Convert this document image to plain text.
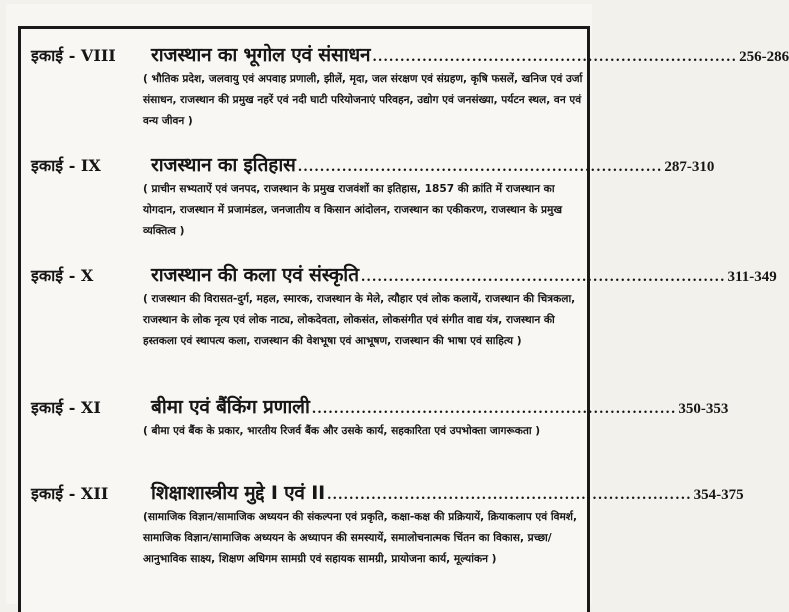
इकाई - VIII	राजस्थान का भूगोल एवं संसाधन .................................................................. 256-286
( भौतिक प्रदेश, जलवायु एवं अपवाह प्रणाली, झीलें, मृदा, जल संरक्षण एवं संग्रहण, कृषि फसलें, खनिज एवं उर्जा संसाधन, राजस्थान की प्रमुख नहरें एवं नदी घाटी परियोजनाएं परिवहन, उद्योग एवं जनसंख्या, पर्यटन स्थल, वन एवं वन्य जीवन )
इकाई - IX	राजस्थान का इतिहास .................................................................. 287-310
( प्राचीन सभ्यताऐं एवं जनपद, राजस्थान के प्रमुख राजवंशों का इतिहास, 1857 की क्रांति में राजस्थान का योगदान, राजस्थान में प्रजामंडल, जनजातीय व किसान आंदोलन, राजस्थान का एकीकरण, राजस्थान के प्रमुख व्यक्तित्व )
इकाई - X	राजस्थान की कला एवं संस्कृति .................................................................. 311-349
( राजस्थान की विरासत-दुर्ग, महल, स्मारक, राजस्थान के मेले, त्यौहार एवं लोक कलायें, राजस्थान की चित्रकला, राजस्थान के लोक नृत्य एवं लोक नाट्य, लोकदेवता, लोकसंत, लोकसंगीत एवं संगीत वाद्य यंत्र, राजस्थान की हस्तकला एवं स्थापत्य कला, राजस्थान की वेशभूषा एवं आभूषण, राजस्थान की भाषा एवं साहित्य )
इकाई - XI	बीमा एवं बैंकिंग प्रणाली .................................................................. 350-353
( बीमा एवं बैंक के प्रकार, भारतीय रिजर्व बैंक और उसके कार्य, सहकारिता एवं उपभोक्ता जागरूकता )
इकाई - XII	शिक्षाशास्त्रीय मुद्दे I एवं II .................................................................. 354-375
(सामाजिक विज्ञान/सामाजिक अध्ययन की संकल्पना एवं प्रकृति, कक्षा-कक्ष की प्रक्रियायें, क्रियाकलाप एवं विमर्श, सामाजिक विज्ञान/सामाजिक अध्ययन के अध्यापन की समस्यायें, समालोचनात्मक चिंतन का विकास, प्रच्छा/आनुभाविक साक्ष्य, शिक्षण अधिगम सामग्री एवं सहायक सामग्री, प्रायोजना कार्य, मूल्यांकन )
